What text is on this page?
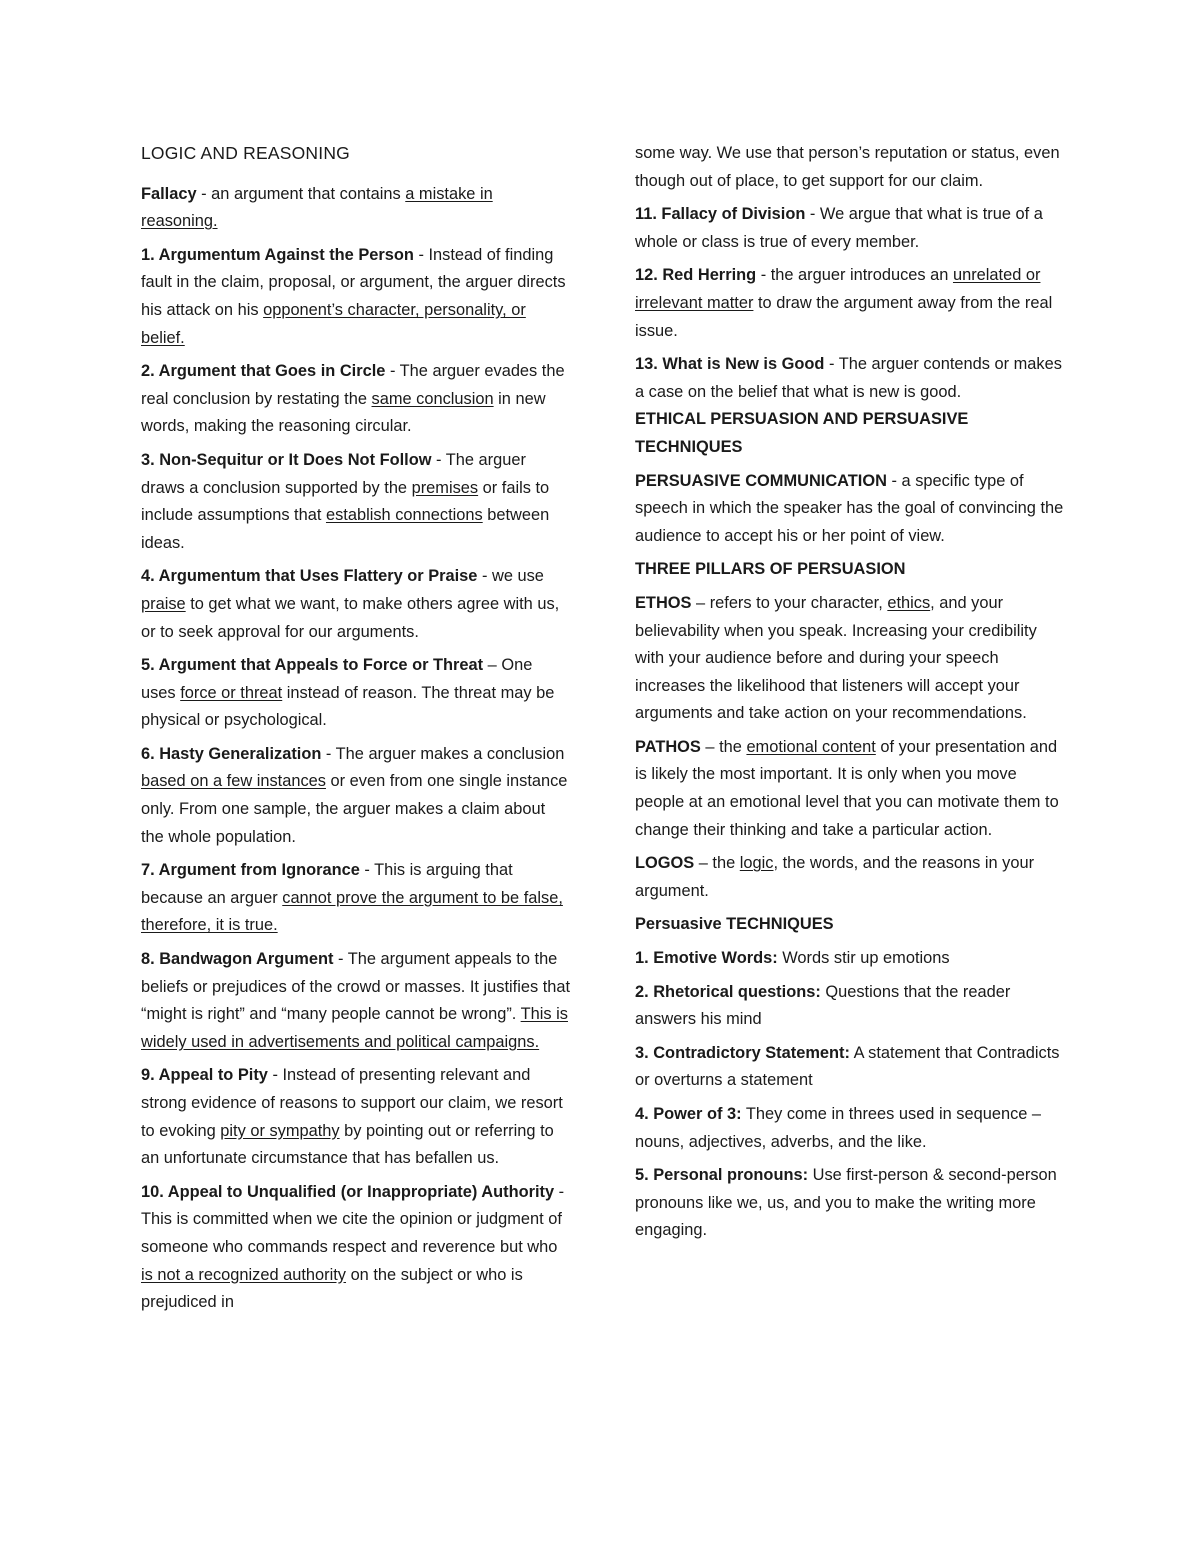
LOGIC AND REASONING
Fallacy - an argument that contains a mistake in reasoning.
1. Argumentum Against the Person - Instead of finding fault in the claim, proposal, or argument, the arguer directs his attack on his opponent’s character, personality, or belief.
2. Argument that Goes in Circle - The arguer evades the real conclusion by restating the same conclusion in new words, making the reasoning circular.
3. Non-Sequitur or It Does Not Follow - The arguer draws a conclusion supported by the premises or fails to include assumptions that establish connections between ideas.
4. Argumentum that Uses Flattery or Praise - we use praise to get what we want, to make others agree with us, or to seek approval for our arguments.
5. Argument that Appeals to Force or Threat – One uses force or threat instead of reason. The threat may be physical or psychological.
6. Hasty Generalization - The arguer makes a conclusion based on a few instances or even from one single instance only. From one sample, the arguer makes a claim about the whole population.
7. Argument from Ignorance - This is arguing that because an arguer cannot prove the argument to be false, therefore, it is true.
8. Bandwagon Argument - The argument appeals to the beliefs or prejudices of the crowd or masses. It justifies that “might is right” and “many people cannot be wrong”. This is widely used in advertisements and political campaigns.
9. Appeal to Pity - Instead of presenting relevant and strong evidence of reasons to support our claim, we resort to evoking pity or sympathy by pointing out or referring to an unfortunate circumstance that has befallen us.
10. Appeal to Unqualified (or Inappropriate) Authority - This is committed when we cite the opinion or judgment of someone who commands respect and reverence but who is not a recognized authority on the subject or who is prejudiced in
some way. We use that person’s reputation or status, even though out of place, to get support for our claim.
11. Fallacy of Division - We argue that what is true of a whole or class is true of every member.
12. Red Herring - the arguer introduces an unrelated or irrelevant matter to draw the argument away from the real issue.
13. What is New is Good - The arguer contends or makes a case on the belief that what is new is good.
ETHICAL PERSUASION AND PERSUASIVE TECHNIQUES
PERSUASIVE COMMUNICATION - a specific type of speech in which the speaker has the goal of convincing the audience to accept his or her point of view.
THREE PILLARS OF PERSUASION
ETHOS – refers to your character, ethics, and your believability when you speak. Increasing your credibility with your audience before and during your speech increases the likelihood that listeners will accept your arguments and take action on your recommendations.
PATHOS – the emotional content of your presentation and is likely the most important. It is only when you move people at an emotional level that you can motivate them to change their thinking and take a particular action.
LOGOS – the logic, the words, and the reasons in your argument.
Persuasive TECHNIQUES
1. Emotive Words: Words stir up emotions
2. Rhetorical questions: Questions that the reader answers his mind
3. Contradictory Statement: A statement that Contradicts or overturns a statement
4. Power of 3: They come in threes used in sequence – nouns, adjectives, adverbs, and the like.
5. Personal pronouns: Use first-person & second-person pronouns like we, us, and you to make the writing more engaging.
